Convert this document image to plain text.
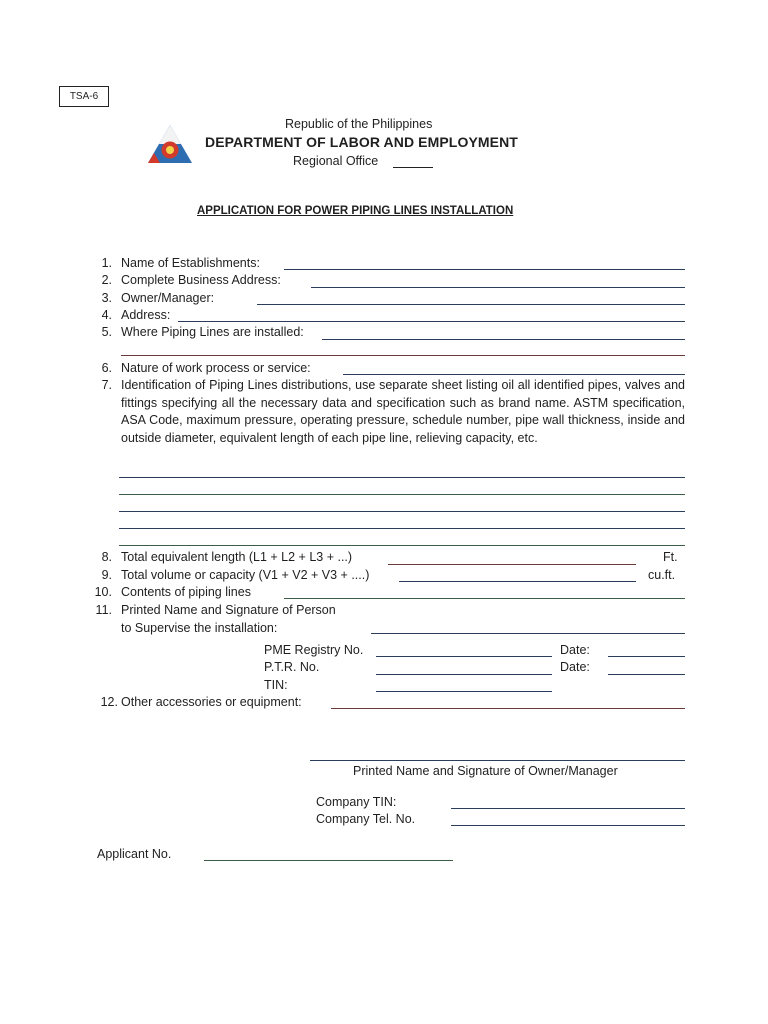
TSA-6
Republic of the Philippines
DEPARTMENT OF LABOR AND EMPLOYMENT
Regional Office
APPLICATION FOR POWER PIPING LINES INSTALLATION
1. Name of Establishments:
2. Complete Business Address:
3. Owner/Manager:
4. Address:
5. Where Piping Lines are installed:
6. Nature of work process or service:
7. Identification of Piping Lines distributions, use separate sheet listing oil all identified pipes, valves and fittings specifying all the necessary data and specification such as brand name. ASTM specification, ASA Code, maximum pressure, operating pressure, schedule number, pipe wall thickness, inside and outside diameter, equivalent length of each pipe line, relieving capacity, etc.
8. Total equivalent length (L1 + L2 + L3 + ...)	Ft.
9. Total volume or capacity (V1 + V2 + V3 + ....)	cu.ft.
10. Contents of piping lines
11. Printed Name and Signature of Person
to Supervise the installation:
PME Registry No.	Date:
P.T.R. No.	Date:
TIN:
12. Other accessories or equipment:
Printed Name and Signature of Owner/Manager
Company TIN:
Company Tel. No.
Applicant No.
